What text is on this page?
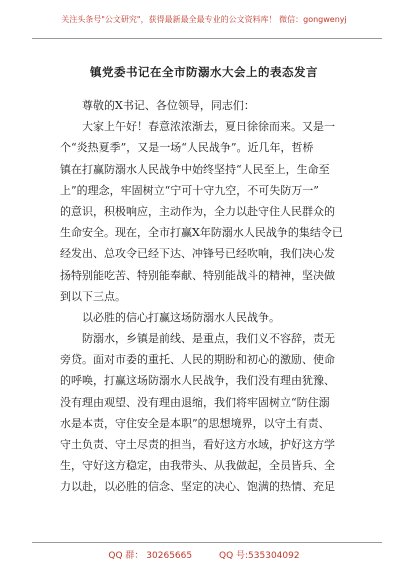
关注头条号"公文研究"，获得最新最全最专业的公文资料库！ 微信：gongwenyj
镇党委书记在全市防溺水大会上的表态发言
　　尊敬的X书记、各位领导，同志们：
　　大家上午好！春意浓浓渐去，夏日徐徐而来。又是一
个“炎热夏季”，又是一场“人民战争”。近几年，哲桥
镇在打赢防溺水人民战争中始终坚持“人民至上，生命至
上”的理念，牢固树立“宁可十守九空，不可失防万一”
的意识，积极响应，主动作为，全力以赴守住人民群众的
生命安全。现在，全市打赢X年防溺水人民战争的集结令已
经发出、总攻令已经下达、冲锋号已经吹响，我们决心发
扬特别能吃苦、特别能奉献、特别能战斗的精神，坚决做
到以下三点。
　　以必胜的信心打赢这场防溺水人民战争。
　　防溺水，乡镇是前线、是重点，我们义不容辞，责无
旁贷。面对市委的重托、人民的期盼和初心的激励、使命
的呼唤，打赢这场防溺水人民战争，我们没有理由犹豫、
没有理由观望、没有理由退缩，我们将牢固树立“防住溺
水是本责，守住安全是本职”的思想境界，以守土有责、
守土负责、守土尽责的担当，看好这方水域，护好这方学
生，守好这方稳定，由我带头、从我做起，全员皆兵、全
力以赴，以必胜的信念、坚定的决心、饱满的热情、充足
QQ 群： 30265665	QQ 号:535304092
